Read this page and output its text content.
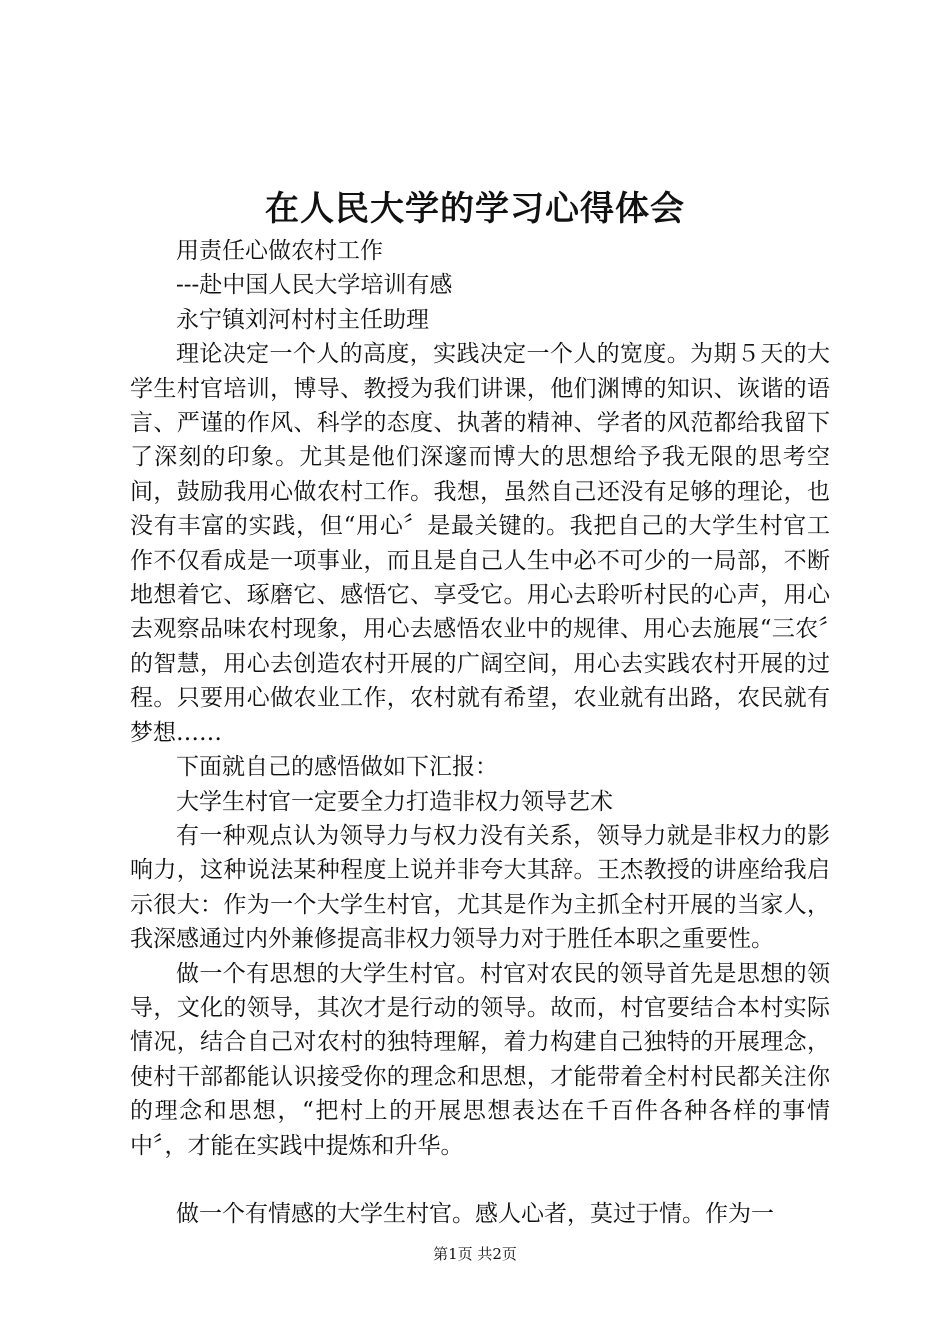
在人民大学的学习心得体会

用责任心做农村工作

---赴中国人民大学培训有感

永宁镇刘河村村主任助理

理论决定一个人的高度，实践决定一个人的宽度。为期５天的大学生村官培训，博导、教授为我们讲课，他们渊博的知识、诙谐的语言、严谨的作风、科学的态度、执著的精神、学者的风范都给我留下了深刻的印象。尤其是他们深邃而博大的思想给予我无限的思考空间，鼓励我用心做农村工作。我想，虽然自己还没有足够的理论，也没有丰富的实践，但“用心〞是最关键的。我把自己的大学生村官工作不仅看成是一项事业，而且是自己人生中必不可少的一局部，不断地想着它、琢磨它、感悟它、享受它。用心去聆听村民的心声，用心去观察品味农村现象，用心去感悟农业中的规律、用心去施展“三农〞的智慧，用心去创造农村开展的广阔空间，用心去实践农村开展的过程。只要用心做农业工作，农村就有希望，农业就有出路，农民就有梦想……

下面就自己的感悟做如下汇报：

大学生村官一定要全力打造非权力领导艺术

有一种观点认为领导力与权力没有关系，领导力就是非权力的影响力，这种说法某种程度上说并非夸大其辞。王杰教授的讲座给我启示很大：作为一个大学生村官，尤其是作为主抓全村开展的当家人，我深感通过内外兼修提高非权力领导力对于胜任本职之重要性。

做一个有思想的大学生村官。村官对农民的领导首先是思想的领导，文化的领导，其次才是行动的领导。故而，村官要结合本村实际情况，结合自己对农村的独特理解，着力构建自己独特的开展理念，使村干部都能认识接受你的理念和思想，才能带着全村村民都关注你的理念和思想，“把村上的开展思想表达在千百件各种各样的事情中〞，才能在实践中提炼和升华。

做一个有情感的大学生村官。感人心者，莫过于情。作为一

第1页 共2页
